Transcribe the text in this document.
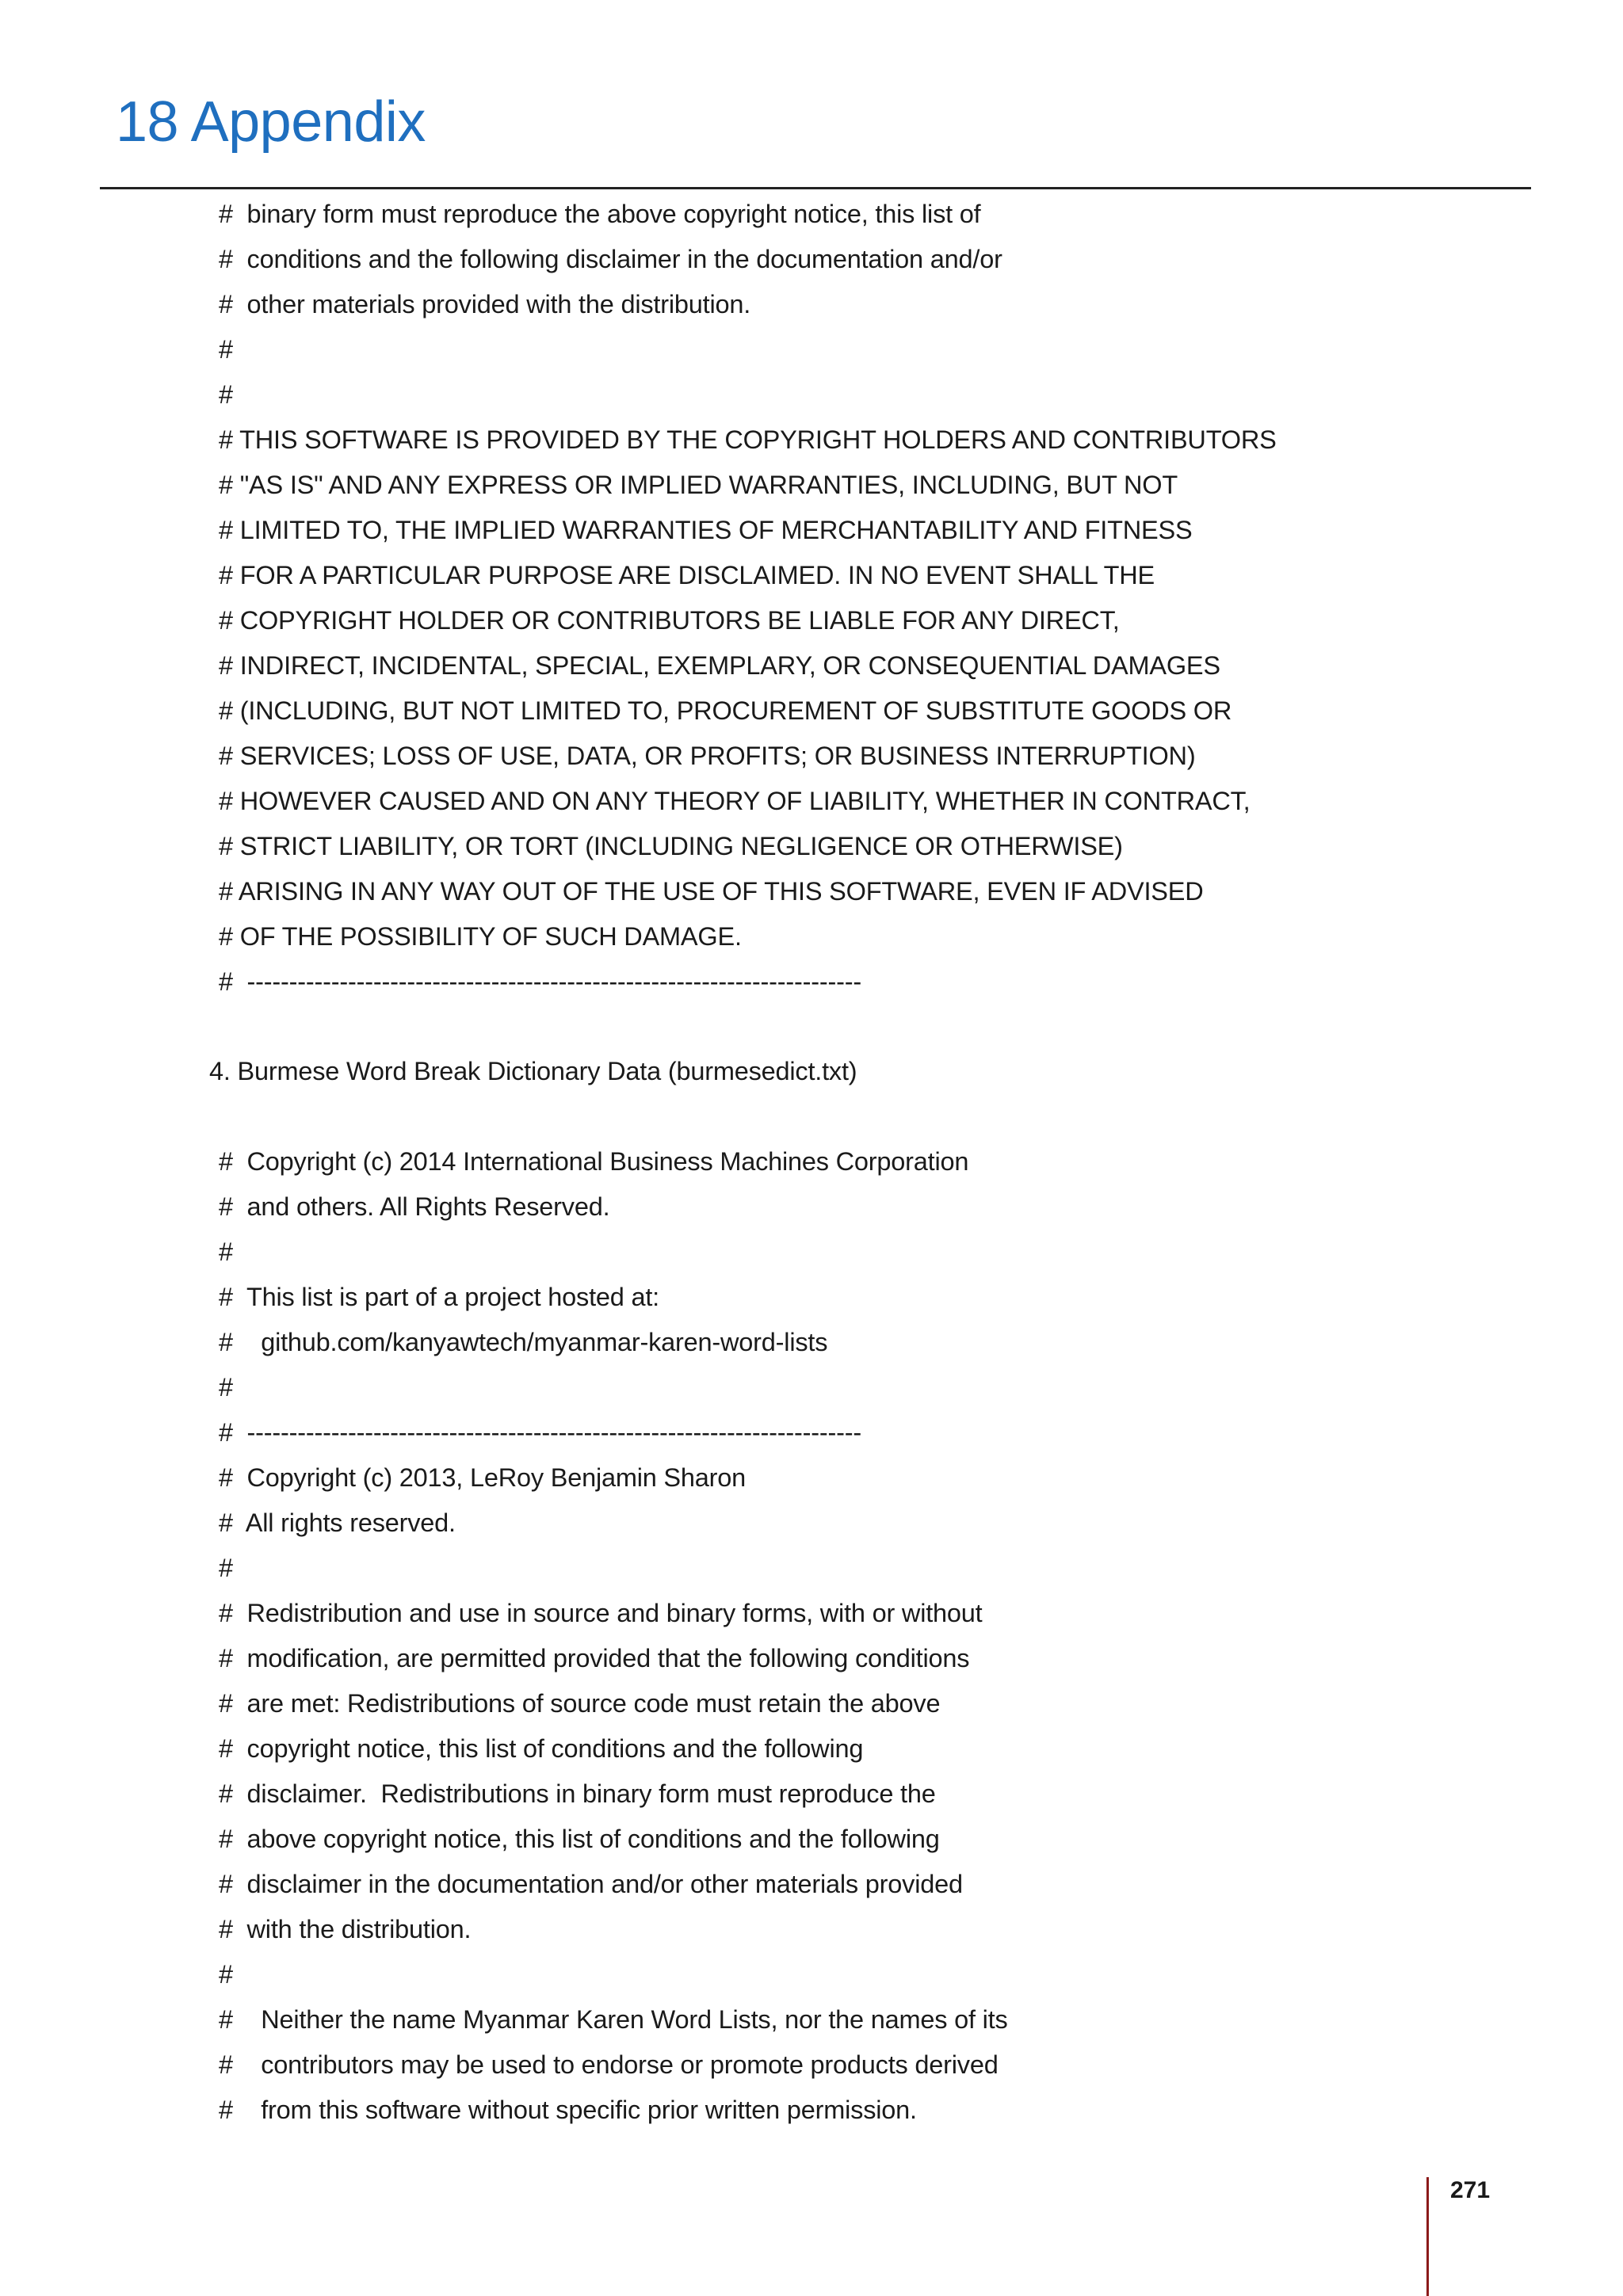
18 Appendix
#  binary form must reproduce the above copyright notice, this list of
#  conditions and the following disclaimer in the documentation and/or
#  other materials provided with the distribution.
#
#
# THIS SOFTWARE IS PROVIDED BY THE COPYRIGHT HOLDERS AND CONTRIBUTORS
# "AS IS" AND ANY EXPRESS OR IMPLIED WARRANTIES, INCLUDING, BUT NOT
# LIMITED TO, THE IMPLIED WARRANTIES OF MERCHANTABILITY AND FITNESS
# FOR A PARTICULAR PURPOSE ARE DISCLAIMED. IN NO EVENT SHALL THE
# COPYRIGHT HOLDER OR CONTRIBUTORS BE LIABLE FOR ANY DIRECT,
# INDIRECT, INCIDENTAL, SPECIAL, EXEMPLARY, OR CONSEQUENTIAL DAMAGES
# (INCLUDING, BUT NOT LIMITED TO, PROCUREMENT OF SUBSTITUTE GOODS OR
# SERVICES; LOSS OF USE, DATA, OR PROFITS; OR BUSINESS INTERRUPTION)
# HOWEVER CAUSED AND ON ANY THEORY OF LIABILITY, WHETHER IN CONTRACT,
# STRICT LIABILITY, OR TORT (INCLUDING NEGLIGENCE OR OTHERWISE)
# ARISING IN ANY WAY OUT OF THE USE OF THIS SOFTWARE, EVEN IF ADVISED
# OF THE POSSIBILITY OF SUCH DAMAGE.
#  -------------------------------------------------------------------------
4. Burmese Word Break Dictionary Data (burmesedict.txt)
#  Copyright (c) 2014 International Business Machines Corporation
#  and others. All Rights Reserved.
#
#  This list is part of a project hosted at:
#    github.com/kanyawtech/myanmar-karen-word-lists
#
#  -------------------------------------------------------------------------
#  Copyright (c) 2013, LeRoy Benjamin Sharon
#  All rights reserved.
#
#  Redistribution and use in source and binary forms, with or without
#  modification, are permitted provided that the following conditions
#  are met: Redistributions of source code must retain the above
#  copyright notice, this list of conditions and the following
#  disclaimer.  Redistributions in binary form must reproduce the
#  above copyright notice, this list of conditions and the following
#  disclaimer in the documentation and/or other materials provided
#  with the distribution.
#
#    Neither the name Myanmar Karen Word Lists, nor the names of its
#    contributors may be used to endorse or promote products derived
#    from this software without specific prior written permission.
271
